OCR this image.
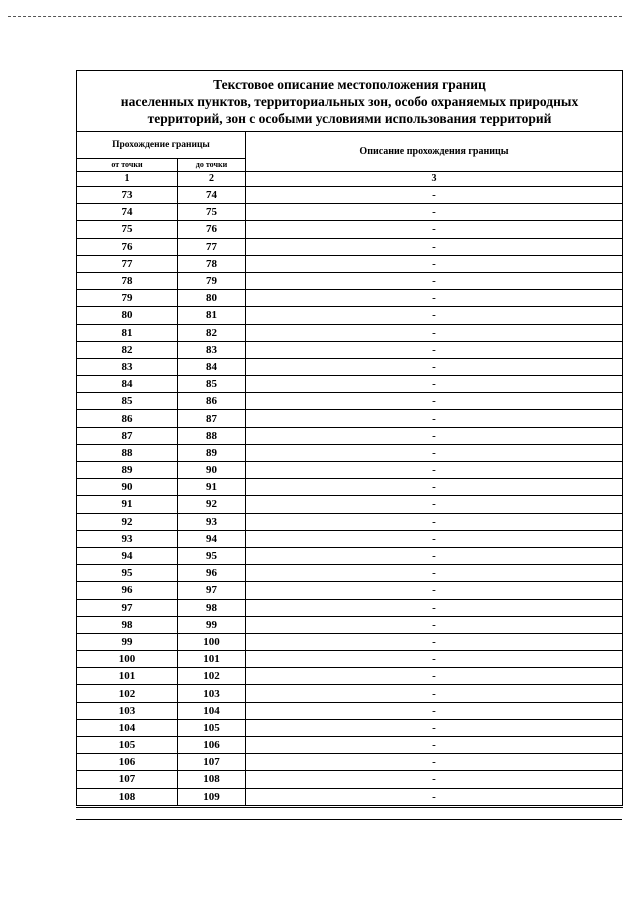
Текстовое описание местоположения границ
населенных пунктов, территориальных зон, особо охраняемых природных
территорий, зон с особыми условиями использования территорий		

Прохождение границы		Описание прохождения границы
от точки	до точки	
1	2	3
73	74	-
74	75	-
75	76	-
76	77	-
77	78	-
78	79	-
79	80	-
80	81	-
81	82	-
82	83	-
83	84	-
84	85	-
85	86	-
86	87	-
87	88	-
88	89	-
89	90	-
90	91	-
91	92	-
92	93	-
93	94	-
94	95	-
95	96	-
96	97	-
97	98	-
98	99	-
99	100	-
100	101	-
101	102	-
102	103	-
103	104	-
104	105	-
105	106	-
106	107	-
107	108	-
108	109	-
